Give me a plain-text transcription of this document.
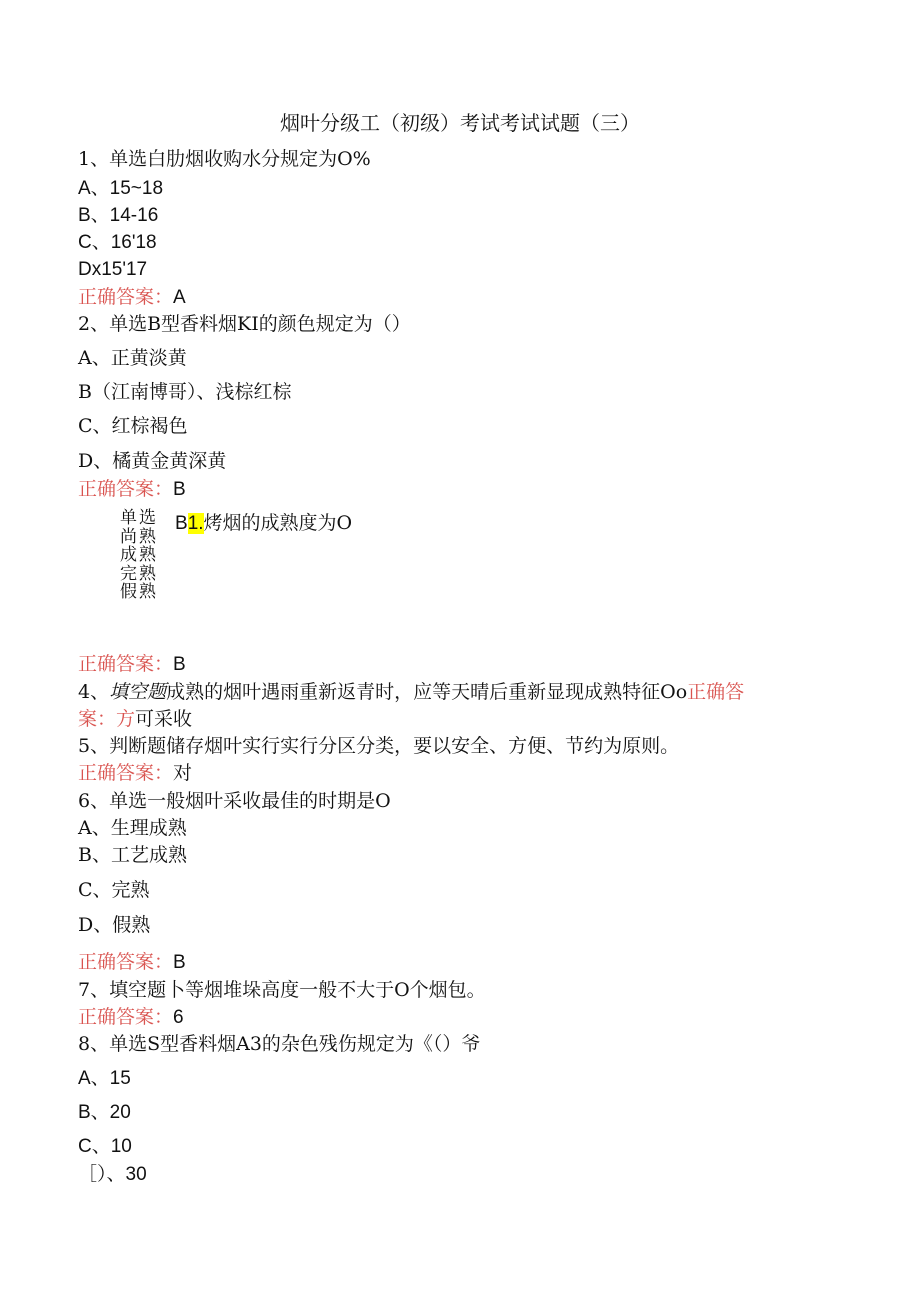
烟叶分级工（初级）考试考试试题（三）
1、单选白肋烟收购水分规定为O%
A、15~18
B、14-16
C、16'18
Dx15'17
正确答案：A
2、单选B型香料烟KI的颜色规定为（）
A、正黄淡黄
B（江南博哥）、浅棕红棕
C、红棕褐色
D、橘黄金黄深黄
正确答案：B
单选
尚熟
成熟
完熟
假熟
B1.烤烟的成熟度为O
正确答案：B
4、填空题成熟的烟叶遇雨重新返青时，应等天晴后重新显现成熟特征Oo正确答
案：方可采收
5、判断题储存烟叶实行实行分区分类，要以安全、方便、节约为原则。
正确答案：对
6、单选一般烟叶采收最佳的时期是O
A、生理成熟
B、工艺成熟
C、完熟
D、假熟
正确答案：B
7、填空题卜等烟堆垛高度一般不大于O个烟包。
正确答案：6
8、单选S型香料烟A3的杂色残伤规定为《（）爷
A、15
B、20
C、10
［）、30
